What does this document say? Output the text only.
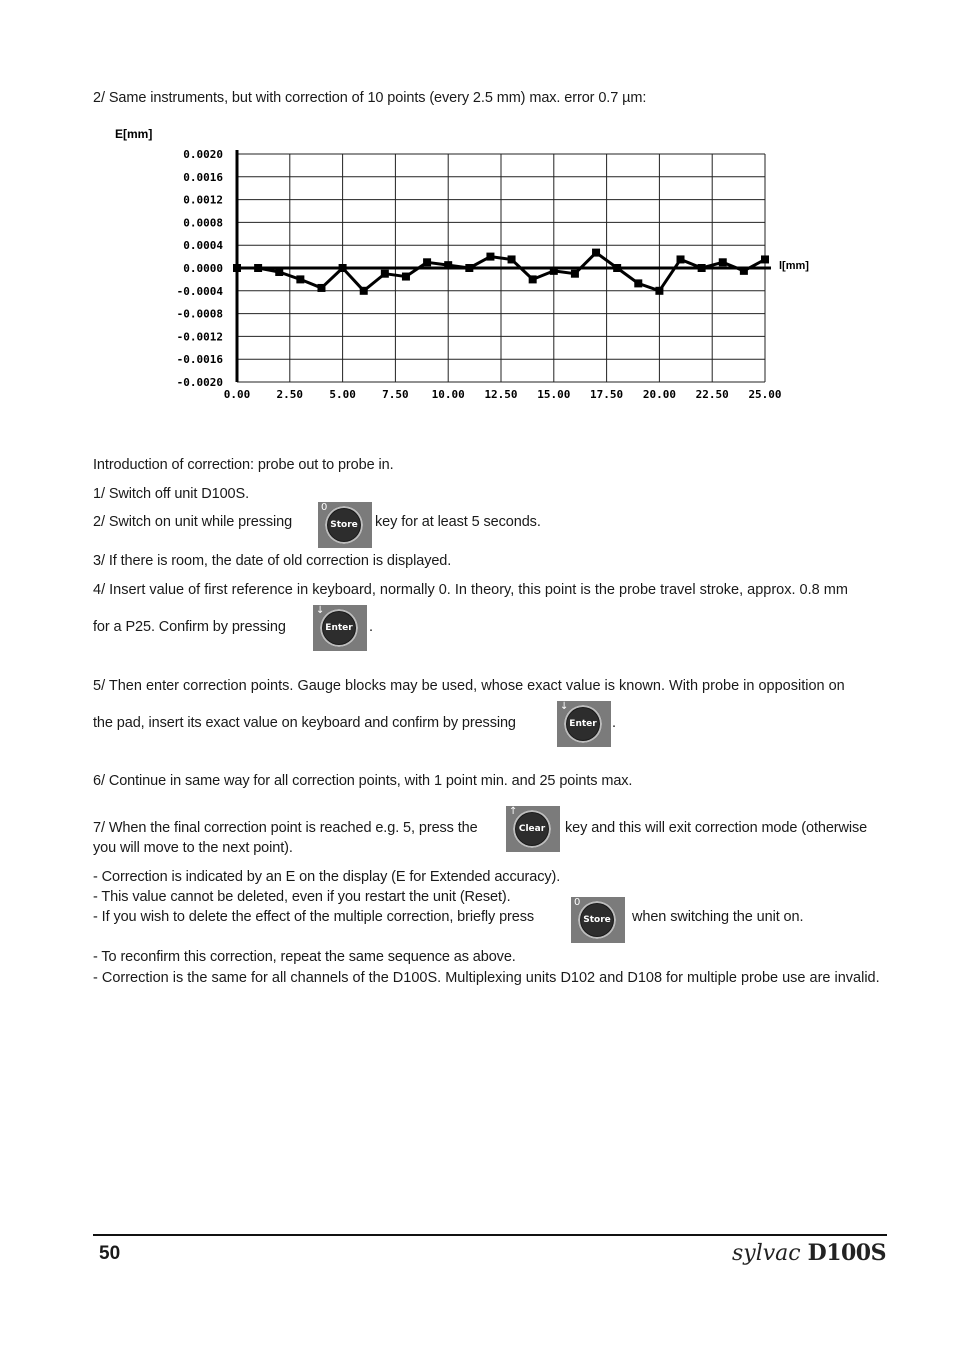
2/ Same instruments, but with correction of 10 points (every 2.5 mm) max. error 0.7 µm:
0.0020
0.0016
0.0012
0.0008
0.0004
0.0000
-0.0004
-0.0008
-0.0012
-0.0016
-0.0020
0.00 2.50 5.00 7.50 10.00 12.50 15.00 17.50 20.00 22.50 25.00
E[mm]
l[mm]
Introduction of correction: probe out to probe in.
1/ Switch off unit D100S.
2/ Switch on unit while pressing
0
Store	key for at least 5 seconds.
3/ If there is room, the date of old correction is displayed.
4/ Insert value of first reference in keyboard, normally 0. In theory, this point is the probe travel stroke, approx. 0.8 mm
for a P25. Confirm by pressing
↓
Enter	.
5/ Then enter correction points. Gauge blocks may be used, whose exact value is known. With probe in opposition on
the pad, insert its exact value on keyboard and confirm by pressing
↓
Enter	.
6/ Continue in same way for all correction points, with 1 point min. and 25 points max.
7/ When the final correction point is reached e.g. 5, press the
↑
Clear	key and this will exit correction mode (otherwise
you will move to the next point).
- Correction is indicated by an E on the display (E for Extended accuracy).
- This value cannot be deleted, even if you restart the unit (Reset).
- If you wish to delete the effect of the multiple correction, briefly press
0
Store	when switching the unit on.
- To reconfirm this correction, repeat the same sequence as above.
- Correction is the same for all channels of the D100S. Multiplexing units D102 and D108 for multiple probe use are invalid.
50	sylvac D100S
